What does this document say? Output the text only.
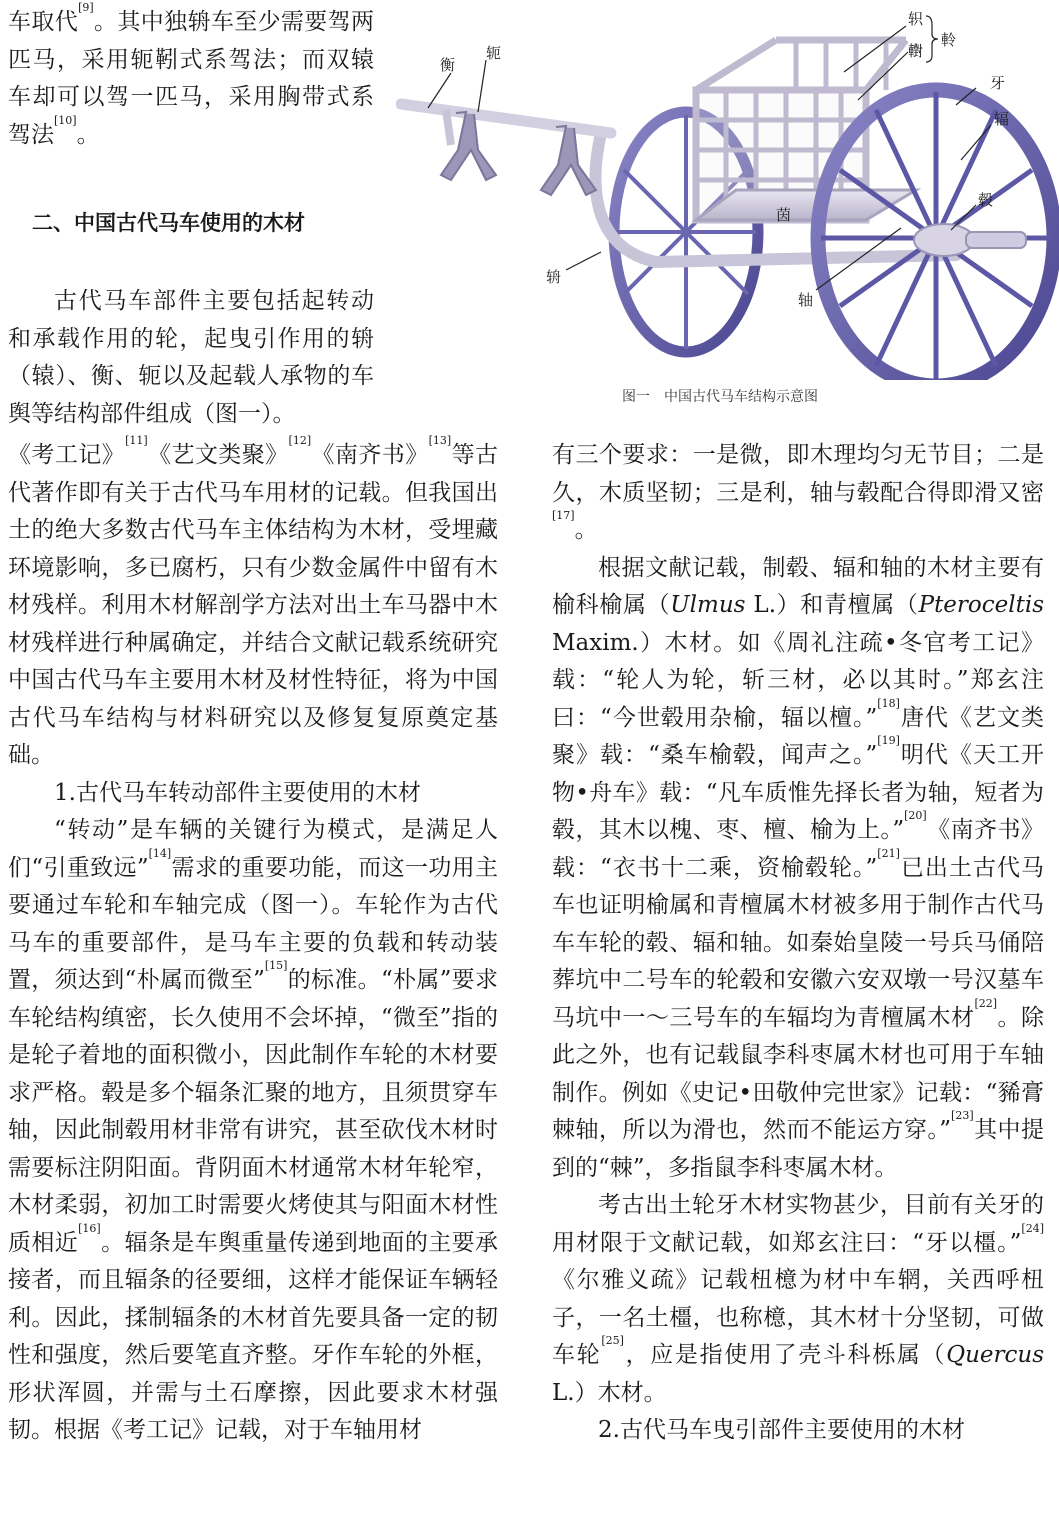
车取代[9]。其中独辀车至少需要驾两匹马，采用轭靷式系驾法；而双辕车却可以驾一匹马，采用胸带式系驾法[10]。

二、中国古代马车使用的木材

古代马车部件主要包括起转动和承载作用的轮，起曳引作用的辀（辕）、衡、轭以及起载人承物的车舆等结构部件组成（图一）。

衡
轭
轵
轛
軨
牙
辐
毂
茵
辀
轴
图一　中国古代马车结构示意图

《考工记》[11]《艺文类聚》[12]《南齐书》[13]等古代著作即有关于古代马车用材的记载。但我国出土的绝大多数古代马车主体结构为木材，受埋藏环境影响，多已腐朽，只有少数金属件中留有木材残样。利用木材解剖学方法对出土车马器中木材残样进行种属确定，并结合文献记载系统研究中国古代马车主要用木材及材性特征，将为中国古代马车结构与材料研究以及修复复原奠定基础。

1.古代马车转动部件主要使用的木材

“转动”是车辆的关键行为模式，是满足人们“引重致远”[14]需求的重要功能，而这一功用主要通过车轮和车轴完成（图一）。车轮作为古代马车的重要部件，是马车主要的负载和转动装置，须达到“朴属而微至”[15]的标准。“朴属”要求车轮结构缜密，长久使用不会坏掉，“微至”指的是轮子着地的面积微小，因此制作车轮的木材要求严格。毂是多个辐条汇聚的地方，且须贯穿车轴，因此制毂用材非常有讲究，甚至砍伐木材时需要标注阴阳面。背阴面木材通常木材年轮窄，木材柔弱，初加工时需要火烤使其与阳面木材性质相近[16]。辐条是车舆重量传递到地面的主要承接者，而且辐条的径要细，这样才能保证车辆轻利。因此，揉制辐条的木材首先要具备一定的韧性和强度，然后要笔直齐整。牙作车轮的外框，形状浑圆，并需与土石摩擦，因此要求木材强韧。根据《考工记》记载，对于车轴用材

有三个要求：一是微，即木理均匀无节目；二是久，木质坚韧；三是利，轴与毂配合得即滑又密[17]。

根据文献记载，制毂、辐和轴的木材主要有榆科榆属（Ulmus L.）和青檀属（Pteroceltis Maxim.）木材。如《周礼注疏•冬官考工记》载：“轮人为轮，斩三材，必以其时。”郑玄注曰：“今世毂用杂榆，辐以檀。”[18]唐代《艺文类聚》载：“桑车榆毂，闻声之。”[19]明代《天工开物•舟车》载：“凡车质惟先择长者为轴，短者为毂，其木以槐、枣、檀、榆为上。”[20]《南齐书》载：“衣书十二乘，资榆毂轮。”[21]已出土古代马车也证明榆属和青檀属木材被多用于制作古代马车车轮的毂、辐和轴。如秦始皇陵一号兵马俑陪葬坑中二号车的轮毂和安徽六安双墩一号汉墓车马坑中一～三号车的车辐均为青檀属木材[22]。除此之外，也有记载鼠李科枣属木材也可用于车轴制作。例如《史记•田敬仲完世家》记载：“豨膏棘轴，所以为滑也，然而不能运方穿。”[23]其中提到的“棘”，多指鼠李科枣属木材。

考古出土轮牙木材实物甚少，目前有关牙的用材限于文献记载，如郑玄注曰：“牙以橿。”[24]《尔雅义疏》记载杻檍为材中车辋，关西呼杻子，一名土橿，也称檍，其木材十分坚韧，可做车轮[25]，应是指使用了壳斗科栎属（Quercus L.）木材。

2.古代马车曳引部件主要使用的木材
